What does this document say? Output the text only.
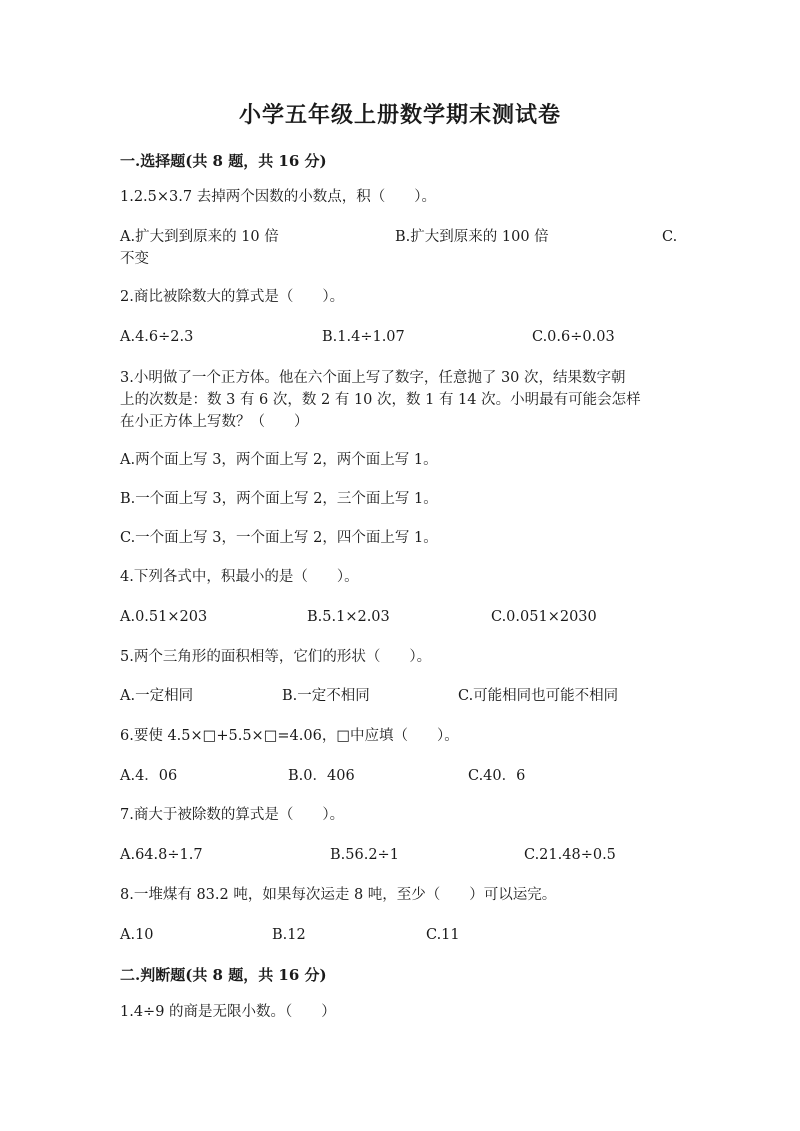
小学五年级上册数学期末测试卷

一.选择题(共 8 题，共 16 分)

1.2.5×3.7 去掉两个因数的小数点，积（　　）。

A.扩大到到原来的 10 倍	B.扩大到原来的 100 倍	C.

不变

2.商比被除数大的算式是（　　）。

A.4.6÷2.3	B.1.4÷1.07	C.0.6÷0.03

3.小明做了一个正方体。他在六个面上写了数字，任意抛了 30 次，结果数字朝

上的次数是：数 3 有 6 次，数 2 有 10 次，数 1 有 14 次。小明最有可能会怎样

在小正方体上写数？（　　）

A.两个面上写 3，两个面上写 2，两个面上写 1。

B.一个面上写 3，两个面上写 2，三个面上写 1。

C.一个面上写 3，一个面上写 2，四个面上写 1。

4.下列各式中，积最小的是（　　）。

A.0.51×203	B.5.1×2.03	C.0.051×2030

5.两个三角形的面积相等，它们的形状（　　）。

A.一定相同	B.一定不相同	C.可能相同也可能不相同

6.要使 4.5×□+5.5×□=4.06，□中应填（　　）。

A.4．06	B.0．406	C.40．6

7.商大于被除数的算式是（　　）。

A.64.8÷1.7	B.56.2÷1	C.21.48÷0.5

8.一堆煤有 83.2 吨，如果每次运走 8 吨，至少（　　）可以运完。

A.10	B.12	C.11

二.判断题(共 8 题，共 16 分)

1.4÷9 的商是无限小数。（　　）
